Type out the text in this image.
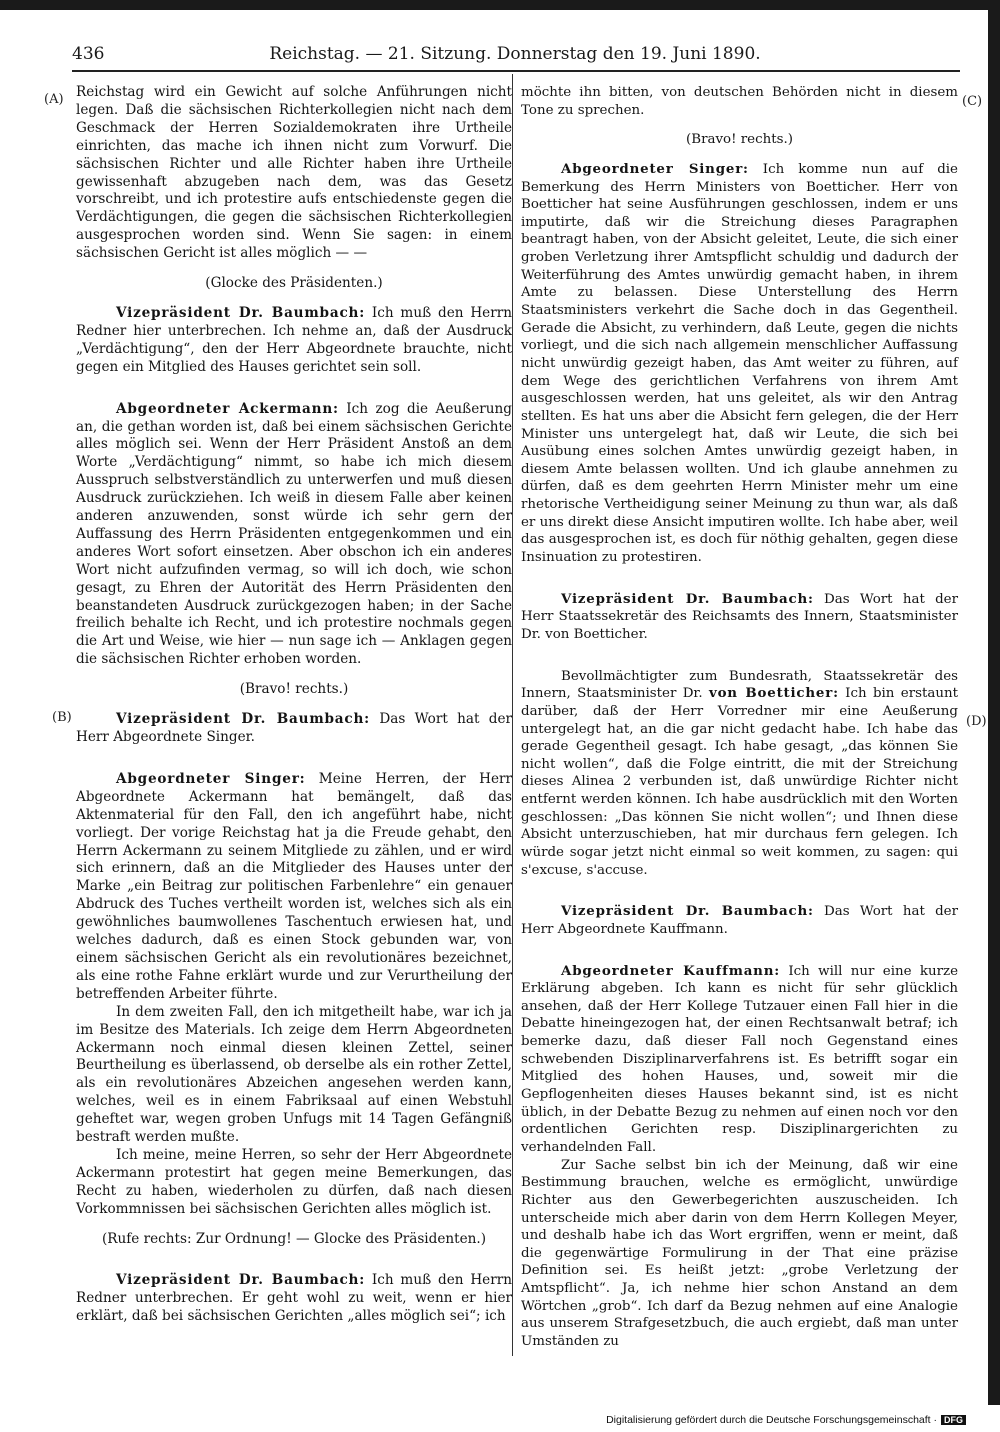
436	Reichstag. — 21. Sitzung. Donnerstag den 19. Juni 1890.
(A)
(B)
(C)
(D)

Reichstag wird ein Gewicht auf solche Anführungen nicht legen. Daß die sächsischen Richterkollegien nicht nach dem Geschmack der Herren Sozialdemokraten ihre Urtheile einrichten, das mache ich ihnen nicht zum Vorwurf. Die sächsischen Richter und alle Richter haben ihre Urtheile gewissenhaft abzugeben nach dem, was das Gesetz vorschreibt, und ich protestire aufs entschiedenste gegen die Verdächtigungen, die gegen die sächsischen Richterkollegien ausgesprochen worden sind. Wenn Sie sagen: in einem sächsischen Gericht ist alles möglich — —

(Glocke des Präsidenten.)

Vizepräsident Dr. Baumbach: Ich muß den Herrn Redner hier unterbrechen. Ich nehme an, daß der Ausdruck „Verdächtigung“, den der Herr Abgeordnete brauchte, nicht gegen ein Mitglied des Hauses gerichtet sein soll.

Abgeordneter Ackermann: Ich zog die Aeußerung an, die gethan worden ist, daß bei einem sächsischen Gerichte alles möglich sei. Wenn der Herr Präsident Anstoß an dem Worte „Verdächtigung“ nimmt, so habe ich mich diesem Ausspruch selbstverständlich zu unterwerfen und muß diesen Ausdruck zurückziehen. Ich weiß in diesem Falle aber keinen anderen anzuwenden, sonst würde ich sehr gern der Auffassung des Herrn Präsidenten entgegenkommen und ein anderes Wort sofort einsetzen. Aber obschon ich ein anderes Wort nicht aufzufinden vermag, so will ich doch, wie schon gesagt, zu Ehren der Autorität des Herrn Präsidenten den beanstandeten Ausdruck zurückgezogen haben; in der Sache freilich behalte ich Recht, und ich protestire nochmals gegen die Art und Weise, wie hier — nun sage ich — Anklagen gegen die sächsischen Richter erhoben worden.

(Bravo! rechts.)

Vizepräsident Dr. Baumbach: Das Wort hat der Herr Abgeordnete Singer.

Abgeordneter Singer: Meine Herren, der Herr Abgeordnete Ackermann hat bemängelt, daß das Aktenmaterial für den Fall, den ich angeführt habe, nicht vorliegt. Der vorige Reichstag hat ja die Freude gehabt, den Herrn Ackermann zu seinem Mitgliede zu zählen, und er wird sich erinnern, daß an die Mitglieder des Hauses unter der Marke „ein Beitrag zur politischen Farbenlehre“ ein genauer Abdruck des Tuches vertheilt worden ist, welches sich als ein gewöhnliches baumwollenes Taschentuch erwiesen hat, und welches dadurch, daß es einen Stock gebunden war, von einem sächsischen Gericht als ein revolutionäres bezeichnet, als eine rothe Fahne erklärt wurde und zur Verurtheilung der betreffenden Arbeiter führte.

In dem zweiten Fall, den ich mitgetheilt habe, war ich ja im Besitze des Materials. Ich zeige dem Herrn Abgeordneten Ackermann noch einmal diesen kleinen Zettel, seiner Beurtheilung es überlassend, ob derselbe als ein rother Zettel, als ein revolutionäres Abzeichen angesehen werden kann, welches, weil es in einem Fabriksaal auf einen Webstuhl geheftet war, wegen groben Unfugs mit 14 Tagen Gefängniß bestraft werden mußte.

Ich meine, meine Herren, so sehr der Herr Abgeordnete Ackermann protestirt hat gegen meine Bemerkungen, das Recht zu haben, wiederholen zu dürfen, daß nach diesen Vorkommnissen bei sächsischen Gerichten alles möglich ist.

(Rufe rechts: Zur Ordnung! — Glocke des Präsidenten.)

Vizepräsident Dr. Baumbach: Ich muß den Herrn Redner unterbrechen. Er geht wohl zu weit, wenn er hier erklärt, daß bei sächsischen Gerichten „alles möglich sei“; ich

möchte ihn bitten, von deutschen Behörden nicht in diesem Tone zu sprechen.

(Bravo! rechts.)

Abgeordneter Singer: Ich komme nun auf die Bemerkung des Herrn Ministers von Boetticher. Herr von Boetticher hat seine Ausführungen geschlossen, indem er uns imputirte, daß wir die Streichung dieses Paragraphen beantragt haben, von der Absicht geleitet, Leute, die sich einer groben Verletzung ihrer Amtspflicht schuldig und dadurch der Weiterführung des Amtes unwürdig gemacht haben, in ihrem Amte zu belassen. Diese Unterstellung des Herrn Staatsministers verkehrt die Sache doch in das Gegentheil. Gerade die Absicht, zu verhindern, daß Leute, gegen die nichts vorliegt, und die sich nach allgemein menschlicher Auffassung nicht unwürdig gezeigt haben, das Amt weiter zu führen, auf dem Wege des gerichtlichen Verfahrens von ihrem Amt ausgeschlossen werden, hat uns geleitet, als wir den Antrag stellten. Es hat uns aber die Absicht fern gelegen, die der Herr Minister uns untergelegt hat, daß wir Leute, die sich bei Ausübung eines solchen Amtes unwürdig gezeigt haben, in diesem Amte belassen wollten. Und ich glaube annehmen zu dürfen, daß es dem geehrten Herrn Minister mehr um eine rhetorische Vertheidigung seiner Meinung zu thun war, als daß er uns direkt diese Ansicht imputiren wollte. Ich habe aber, weil das ausgesprochen ist, es doch für nöthig gehalten, gegen diese Insinuation zu protestiren.

Vizepräsident Dr. Baumbach: Das Wort hat der Herr Staatssekretär des Reichsamts des Innern, Staatsminister Dr. von Boetticher.

Bevollmächtigter zum Bundesrath, Staatssekretär des Innern, Staatsminister Dr. von Boetticher: Ich bin erstaunt darüber, daß der Herr Vorredner mir eine Aeußerung untergelegt hat, an die gar nicht gedacht habe. Ich habe das gerade Gegentheil gesagt. Ich habe gesagt, „das können Sie nicht wollen“, daß die Folge eintritt, die mit der Streichung dieses Alinea 2 verbunden ist, daß unwürdige Richter nicht entfernt werden können. Ich habe ausdrücklich mit den Worten geschlossen: „Das können Sie nicht wollen“; und Ihnen diese Absicht unterzuschieben, hat mir durchaus fern gelegen. Ich würde sogar jetzt nicht einmal so weit kommen, zu sagen: qui s'excuse, s'accuse.

Vizepräsident Dr. Baumbach: Das Wort hat der Herr Abgeordnete Kauffmann.

Abgeordneter Kauffmann: Ich will nur eine kurze Erklärung abgeben. Ich kann es nicht für sehr glücklich ansehen, daß der Herr Kollege Tutzauer einen Fall hier in die Debatte hineingezogen hat, der einen Rechtsanwalt betraf; ich bemerke dazu, daß dieser Fall noch Gegenstand eines schwebenden Disziplinarverfahrens ist. Es betrifft sogar ein Mitglied des hohen Hauses, und, soweit mir die Gepflogenheiten dieses Hauses bekannt sind, ist es nicht üblich, in der Debatte Bezug zu nehmen auf einen noch vor den ordentlichen Gerichten resp. Disziplinargerichten zu verhandelnden Fall.

Zur Sache selbst bin ich der Meinung, daß wir eine Bestimmung brauchen, welche es ermöglicht, unwürdige Richter aus den Gewerbegerichten auszuscheiden. Ich unterscheide mich aber darin von dem Herrn Kollegen Meyer, und deshalb habe ich das Wort ergriffen, wenn er meint, daß die gegenwärtige Formulirung in der That eine präzise Definition sei. Es heißt jetzt: „grobe Verletzung der Amtspflicht“. Ja, ich nehme hier schon Anstand an dem Wörtchen „grob“. Ich darf da Bezug nehmen auf eine Analogie aus unserem Strafgesetzbuch, die auch ergiebt, daß man unter Umständen zu

Digitalisierung gefördert durch die Deutsche Forschungsgemeinschaft · DFG
